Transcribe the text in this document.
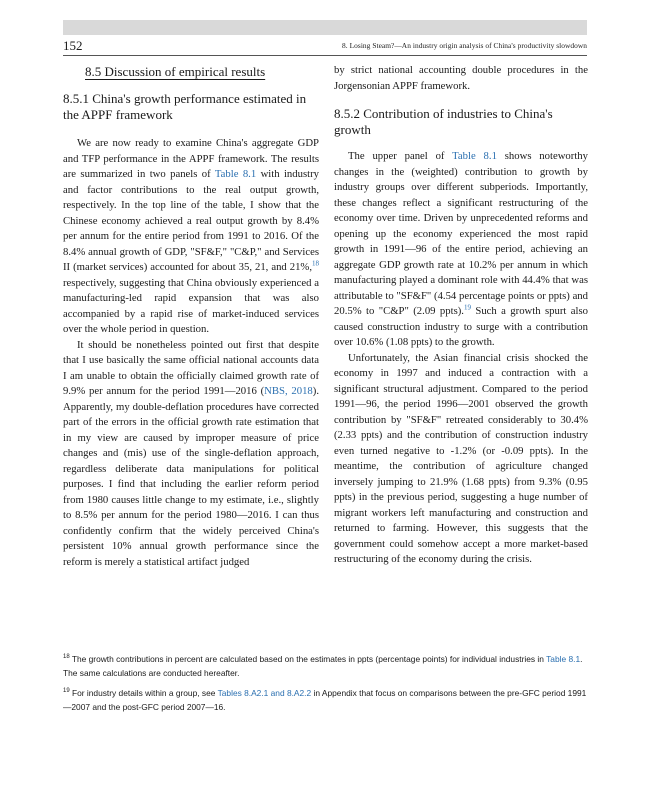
152	8. Losing Steam?—An industry origin analysis of China's productivity slowdown
8.5 Discussion of empirical results
8.5.1 China's growth performance estimated in the APPF framework

We are now ready to examine China's aggregate GDP and TFP performance in the APPF framework. The results are summarized in two panels of Table 8.1 with industry and factor contributions to the real output growth, respectively. In the top line of the table, I show that the Chinese economy achieved a real output growth by 8.4% per annum for the entire period from 1991 to 2016. Of the 8.4% annual growth of GDP, "SF&F," "C&P," and Services II (market services) accounted for about 35, 21, and 21%,$^{18}$ respectively, suggesting that China obviously experienced a manufacturing-led rapid expansion that was also accompanied by a rapid rise of market-induced services over the whole period in question.

It should be nonetheless pointed out first that despite that I use basically the same official national accounts data I am unable to obtain the officially claimed growth rate of 9.9% per annum for the period 1991—2016 (NBS, 2018). Apparently, my double-deflation procedures have corrected part of the errors in the official growth rate estimation that in my view are caused by improper measure of price changes and (mis) use of the single-deflation approach, regardless deliberate data manipulations for political purposes. I find that including the earlier reform period from 1980 causes little change to my estimate, i.e., slightly to 8.5% per annum for the period 1980—2016. I can thus confidently confirm that the widely perceived China's persistent 10% annual growth performance since the reform is merely a statistical artifact judged

by strict national accounting double procedures in the Jorgensonian APPF framework.

8.5.2 Contribution of industries to China's growth

The upper panel of Table 8.1 shows noteworthy changes in the (weighted) contribution to growth by industry groups over different subperiods. Importantly, these changes reflect a significant restructuring of the economy over time. Driven by unprecedented reforms and opening up the economy experienced the most rapid growth in 1991—96 of the entire period, achieving an aggregate GDP growth rate at 10.2% per annum in which manufacturing played a dominant role with 44.4% that was attributable to "SF&F" (4.54 percentage points or ppts) and 20.5% to "C&P" (2.09 ppts).$^{19}$ Such a growth spurt also caused construction industry to surge with a contribution over 10.6% (1.08 ppts) to the growth.

Unfortunately, the Asian financial crisis shocked the economy in 1997 and induced a contraction with a significant structural adjustment. Compared to the period 1991—96, the period 1996—2001 observed the growth contribution by "SF&F" retreated considerably to 30.4% (2.33 ppts) and the contribution of construction industry even turned negative to -1.2% (or -0.09 ppts). In the meantime, the contribution of agriculture changed inversely jumping to 21.9% (1.68 ppts) from 9.3% (0.95 ppts) in the previous period, suggesting a huge number of migrant workers left manufacturing and construction and returned to farming. However, this suggests that the government could somehow accept a more market-based restructuring of the economy during the crisis.

$^{18}$ The growth contributions in percent are calculated based on the estimates in ppts (percentage points) for individual industries in Table 8.1. The same calculations are conducted hereafter.

$^{19}$ For industry details within a group, see Tables 8.A2.1 and 8.A2.2 in Appendix that focus on comparisons between the pre-GFC period 1991—2007 and the post-GFC period 2007—16.
